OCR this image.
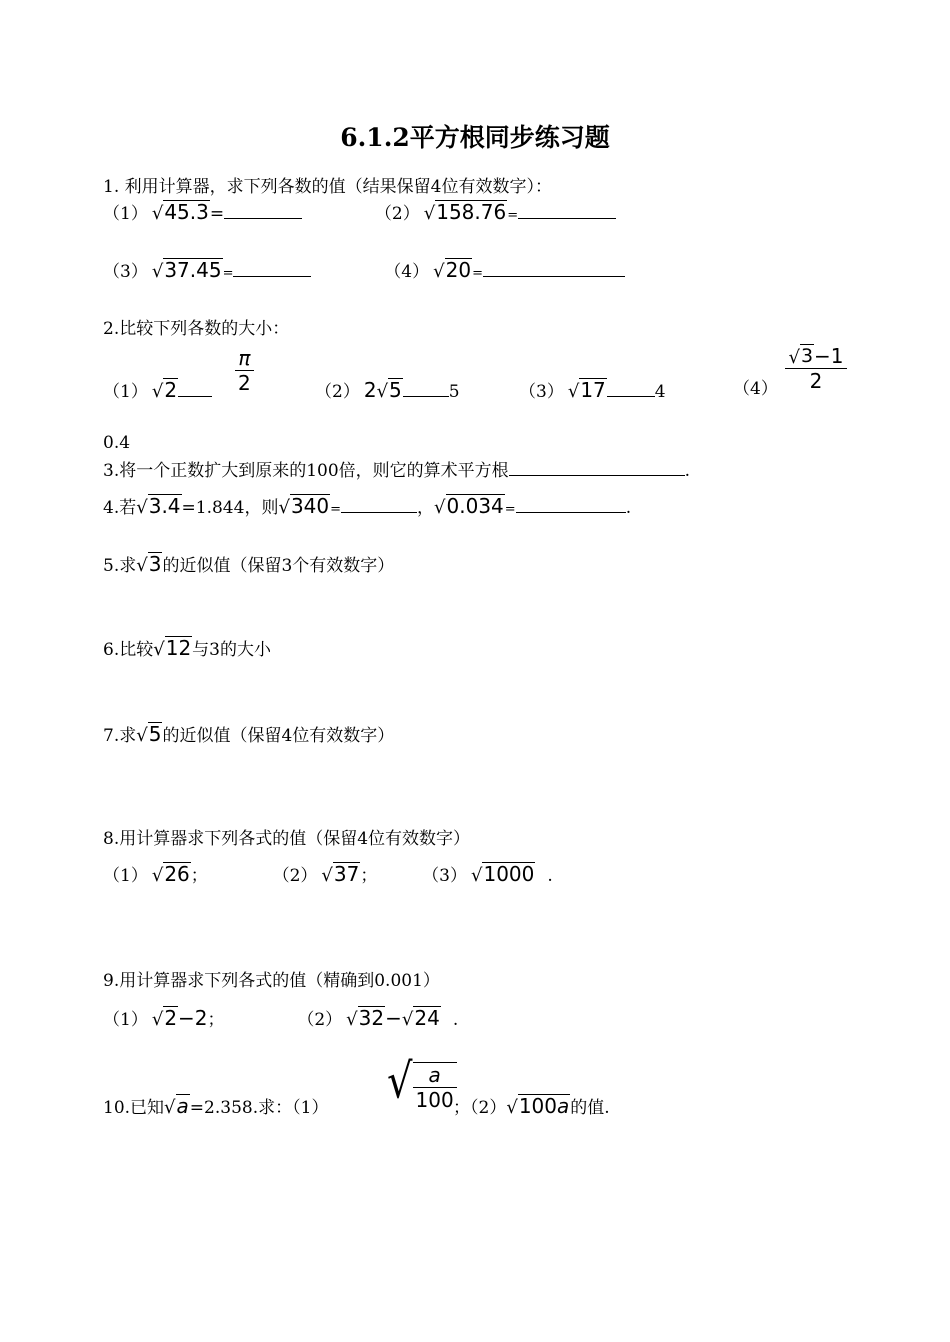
6.1.2平方根同步练习题
1. 利用计算器，求下列各数的值（结果保留4位有效数字）：
（1） √ 45.3 =	（2） √ 158.76 =
（3） √ 37.45 =	（4） √ 20 =
2.比较下列各数的大小：
（1） √ 2	$\frac{\pi}{2}$	（2） 2 √ 5	5	（3） √ 17	4	$(4) \frac{√ 3 -1}{2}$
0.4
3.将一个正数扩大到原来的100倍，则它的算术平方根	.
4.若 √ 3.4 =1.844，则 √ 340 =	， √ 0.034 =	.
5.求 √ 3 的近似值（保留3个有效数字）
6.比较 √ 12 与3的大小
7.求 √ 5 的近似值（保留4位有效数字）
8.用计算器求下列各式的值（保留4位有效数字）
（1） √ 26 ；	（2） √ 37 ；	（3） √ 1000 .
9.用计算器求下列各式的值（精确到0.001）
（1） √ 2 −2；	（2） √ 32 − √ 24 .
10.已知 √ a =2.358.求：（1） √ $\frac{a}{100}$
；（2） √ 100a 的值.
